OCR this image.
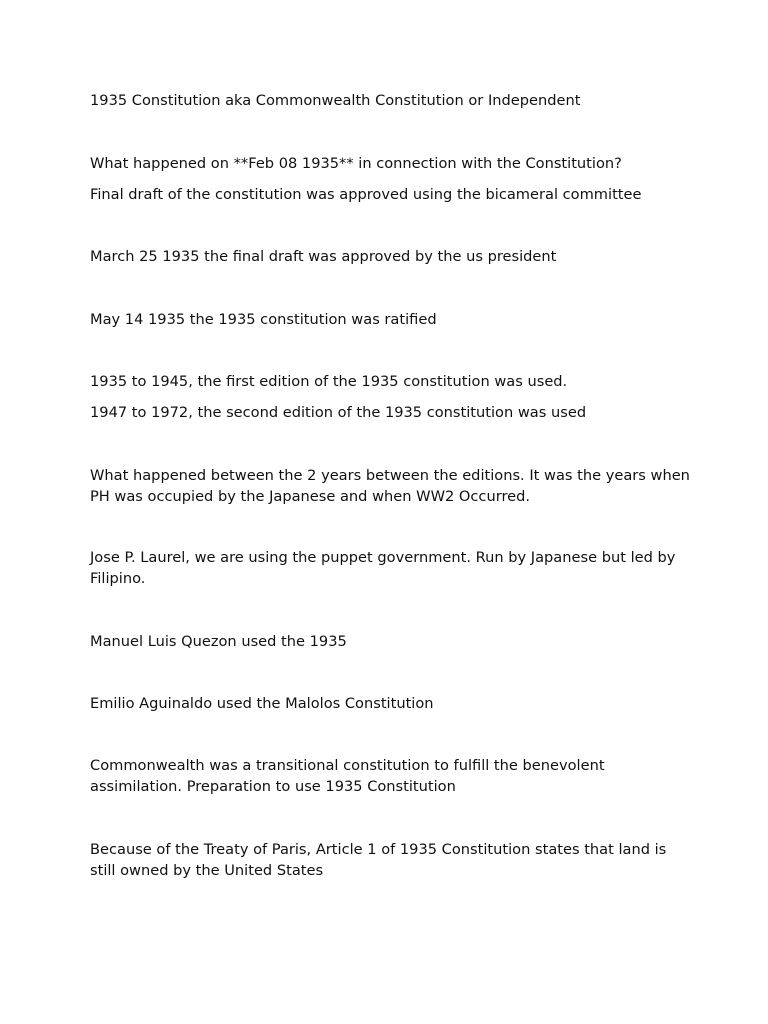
1935 Constitution aka Commonwealth Constitution or Independent

What happened on **Feb 08 1935** in connection with the Constitution?

Final draft of the constitution was approved using the bicameral committee

March 25 1935 the final draft was approved by the us president

May 14 1935 the 1935 constitution was ratified

1935 to 1945, the first edition of the 1935 constitution was used.

1947 to 1972, the second edition of the 1935 constitution was used

What happened between the 2 years between the editions. It was the years when PH was occupied by the Japanese and when WW2 Occurred.

Jose P. Laurel, we are using the puppet government. Run by Japanese but led by Filipino.

Manuel Luis Quezon used the 1935

Emilio Aguinaldo used the Malolos Constitution

Commonwealth was a transitional constitution to fulfill the benevolent assimilation. Preparation to use 1935 Constitution

Because of the Treaty of Paris, Article 1 of 1935 Constitution states that land is still owned by the United States
